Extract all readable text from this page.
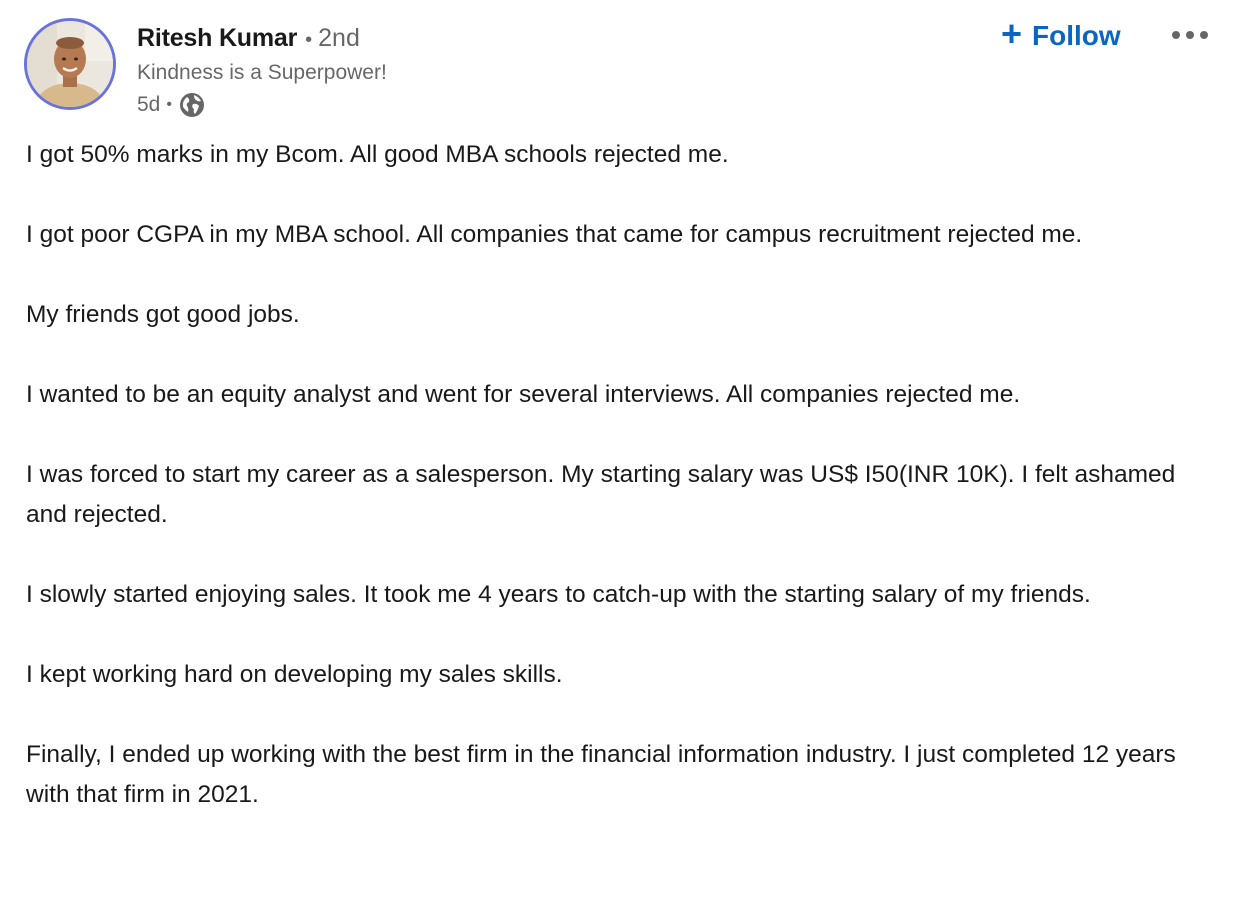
Ritesh Kumar • 2nd
Kindness is a Superpower!
5d •
+ Follow

I got 50% marks in my Bcom. All good MBA schools rejected me.

I got poor CGPA in my MBA school. All companies that came for campus recruitment rejected me.

My friends got good jobs.

I wanted to be an equity analyst and went for several interviews. All companies rejected me.

I was forced to start my career as a salesperson. My starting salary was US$ I50(INR 10K). I felt ashamed and rejected.

I slowly started enjoying sales. It took me 4 years to catch-up with the starting salary of my friends.

I kept working hard on developing my sales skills.

Finally, I ended up working with the best firm in the financial information industry. I just completed 12 years with that firm in 2021.
